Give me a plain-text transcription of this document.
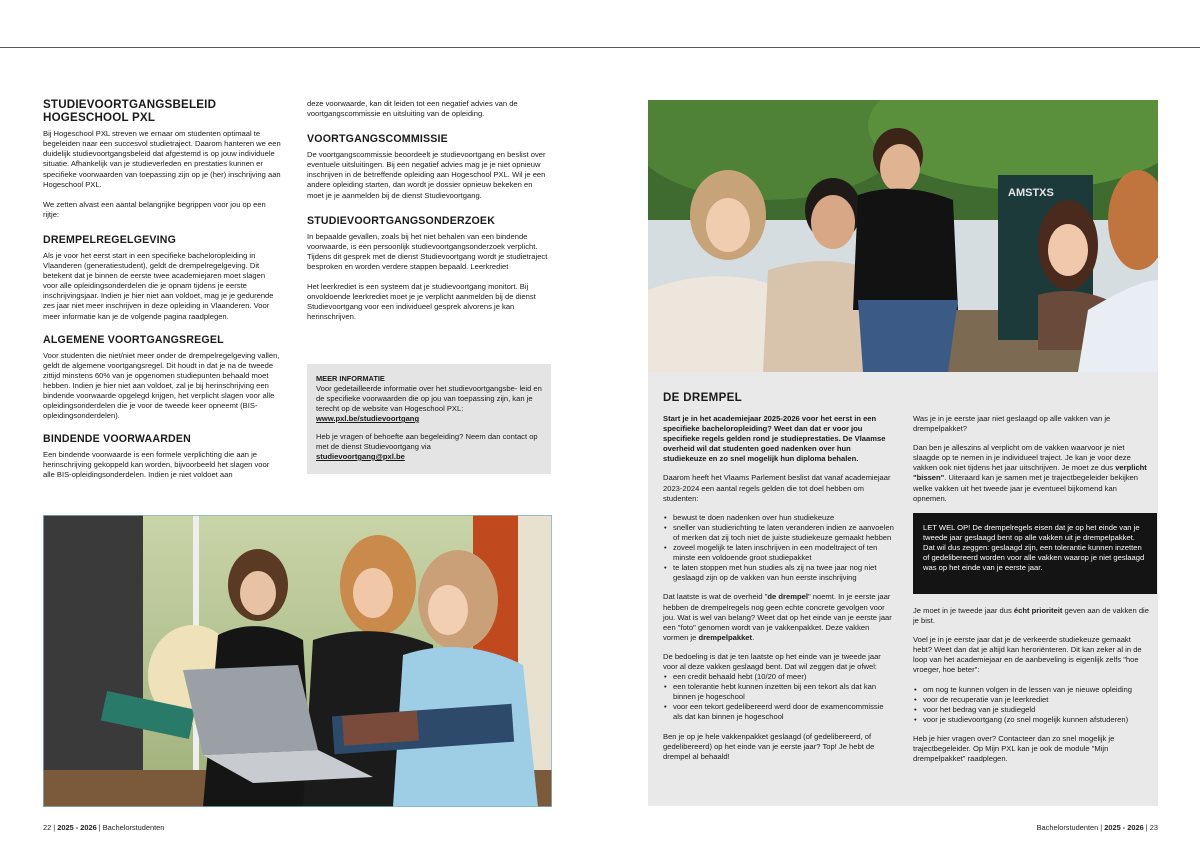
STUDIEVOORTGANGSBELEID
HOGESCHOOL PXL

Bij Hogeschool PXL streven we ernaar om studenten optimaal te begeleiden naar een succesvol studietraject. Daarom hanteren we een duidelijk studievoortgangsbeleid dat afgestemd is op jouw individuele situatie. Afhankelijk van je studieverleden en prestaties kunnen er specifieke voorwaarden van toepassing zijn op je (her) inschrijving aan Hogeschool PXL.

We zetten alvast een aantal belangrijke begrippen voor jou op een rijtje:

DREMPELREGELGEVING

Als je voor het eerst start in een specifieke bacheloropleiding in Vlaanderen (generatiestudent), geldt de drempelregelgeving. Dit betekent dat je binnen de eerste twee academiejaren moet slagen voor alle opleidingsonderdelen die je opnam tijdens je eerste inschrijvingsjaar. Indien je hier niet aan voldoet, mag je je gedurende zes jaar niet meer inschrijven in deze opleiding in Vlaanderen. Voor meer informatie kan je de volgende pagina raadplegen.

ALGEMENE VOORTGANGSREGEL

Voor studenten die niet/niet meer onder de drempelregelgeving vallen, geldt de algemene voortgangsregel. Dit houdt in dat je na de tweede zittijd minstens 60% van je opgenomen studiepunten behaald moet hebben. Indien je hier niet aan voldoet, zal je bij herinschrijving een bindende voorwaarde opgelegd krijgen, het verplicht slagen voor alle opleidingsonderdelen die je voor de tweede keer opneemt (BIS-opleidingsonderdelen).

BINDENDE VOORWAARDEN

Een bindende voorwaarde is een formele verplichting die aan je herinschrijving gekoppeld kan worden, bijvoorbeeld het slagen voor alle BIS-opleidingsonderdelen. Indien je niet voldoet aan

deze voorwaarde, kan dit leiden tot een negatief advies van de voortgangscommissie en uitsluiting van de opleiding.

VOORTGANGSCOMMISSIE

De voortgangscommissie beoordeelt je studievoortgang en beslist over eventuele uitsluitingen. Bij een negatief advies mag je je niet opnieuw inschrijven in de betreffende opleiding aan Hogeschool PXL. Wil je een andere opleiding starten, dan wordt je dossier opnieuw bekeken en moet je je aanmelden bij de dienst Studievoortgang.

STUDIEVOORTGANGSONDERZOEK

In bepaalde gevallen, zoals bij het niet behalen van een bindende voorwaarde, is een persoonlijk studievoortgangsonderzoek verplicht. Tijdens dit gesprek met de dienst Studievoortgang wordt je studietraject besproken en worden verdere stappen bepaald. Leerkrediet

Het leerkrediet is een systeem dat je studievoortgang monitort. Bij onvoldoende leerkrediet moet je je verplicht aanmelden bij de dienst Studievoortgang voor een individueel gesprek alvorens je kan herinschrijven.

MEER INFORMATIE

Voor gedetailleerde informatie over het studievoortgangsbe- leid en de specifieke voorwaarden die op jou van toepassing zijn, kan je terecht op de website van Hogeschool PXL:
www.pxl.be/studievoortgang

Heb je vragen of behoefte aan begeleiding? Neem dan contact op met de dienst Studievoortgang via
studievoortgang@pxl.be

AMSTXS
DE DREMPEL

Start je in het academiejaar 2025-2026 voor het eerst in een specifieke bacheloropleiding? Weet dan dat er voor jou specifieke regels gelden rond je studieprestaties. De Vlaamse overheid wil dat studenten goed nadenken over hun studiekeuze en zo snel mogelijk hun diploma behalen.

Daarom heeft het Vlaams Parlement beslist dat vanaf academiejaar 2023-2024 een aantal regels gelden die tot doel hebben om studenten:

• bewust te doen nadenken over hun studiekeuze
• sneller van studierichting te laten veranderen indien ze aanvoelen of merken dat zij toch niet de juiste studiekeuze gemaakt hebben
• zoveel mogelijk te laten inschrijven in een modeltraject of ten minste een voldoende groot studiepakket
• te laten stoppen met hun studies als zij na twee jaar nog niet geslaagd zijn op de vakken van hun eerste inschrijving

Dat laatste is wat de overheid "de drempel" noemt. In je eerste jaar hebben de drempelregels nog geen echte concrete gevolgen voor jou. Wat is wel van belang? Weet dat op het einde van je eerste jaar een "foto" genomen wordt van je vakkenpakket. Deze vakken vormen je drempelpakket.

De bedoeling is dat je ten laatste op het einde van je tweede jaar voor al deze vakken geslaagd bent. Dat wil zeggen dat je ofwel:

• een credit behaald hebt (10/20 of meer)
• een tolerantie hebt kunnen inzetten bij een tekort als dat kan binnen je hogeschool
• voor een tekort gedelibereerd werd door de examencommissie als dat kan binnen je hogeschool

Ben je op je hele vakkenpakket geslaagd (of gedelibereerd, of gedelibereerd) op het einde van je eerste jaar? Top! Je hebt de drempel al behaald!

Was je in je eerste jaar niet geslaagd op alle vakken van je drempelpakket?

Dan ben je alleszins al verplicht om de vakken waarvoor je niet slaagde op te nemen in je individueel traject. Je kan je voor deze vakken ook niet tijdens het jaar uitschrijven. Je moet ze dus verplicht "bissen". Uiteraard kan je samen met je trajectbegeleider bekijken welke vakken uit het tweede jaar je eventueel bijkomend kan opnemen.

LET WEL OP! De drempelregels eisen dat je op het einde van je tweede jaar geslaagd bent op alle vakken uit je drempelpakket. Dat wil dus zeggen: geslaagd zijn, een tolerantie kunnen inzetten of gedelibereerd worden voor alle vakken waarop je niet geslaagd was op het einde van je eerste jaar.

Je moet in je tweede jaar dus écht prioriteit geven aan de vakken die je bist.

Voel je in je eerste jaar dat je de verkeerde studiekeuze gemaakt hebt? Weet dan dat je altijd kan heroriënteren. Dit kan zeker al in de loop van het academiejaar en de aanbeveling is eigenlijk zelfs "hoe vroeger, hoe beter":

• om nog te kunnen volgen in de lessen van je nieuwe opleiding
• voor de recuperatie van je leerkrediet
• voor het bedrag van je studiegeld
• voor je studievoortgang (zo snel mogelijk kunnen afstuderen)

Heb je hier vragen over? Contacteer dan zo snel mogelijk je trajectbegeleider. Op Mijn PXL kan je ook de module "Mijn drempelpakket" raadplegen.

22 | 2025 - 2026 | Bachelorstudenten	Bachelorstudenten | 2025 - 2026 | 23
